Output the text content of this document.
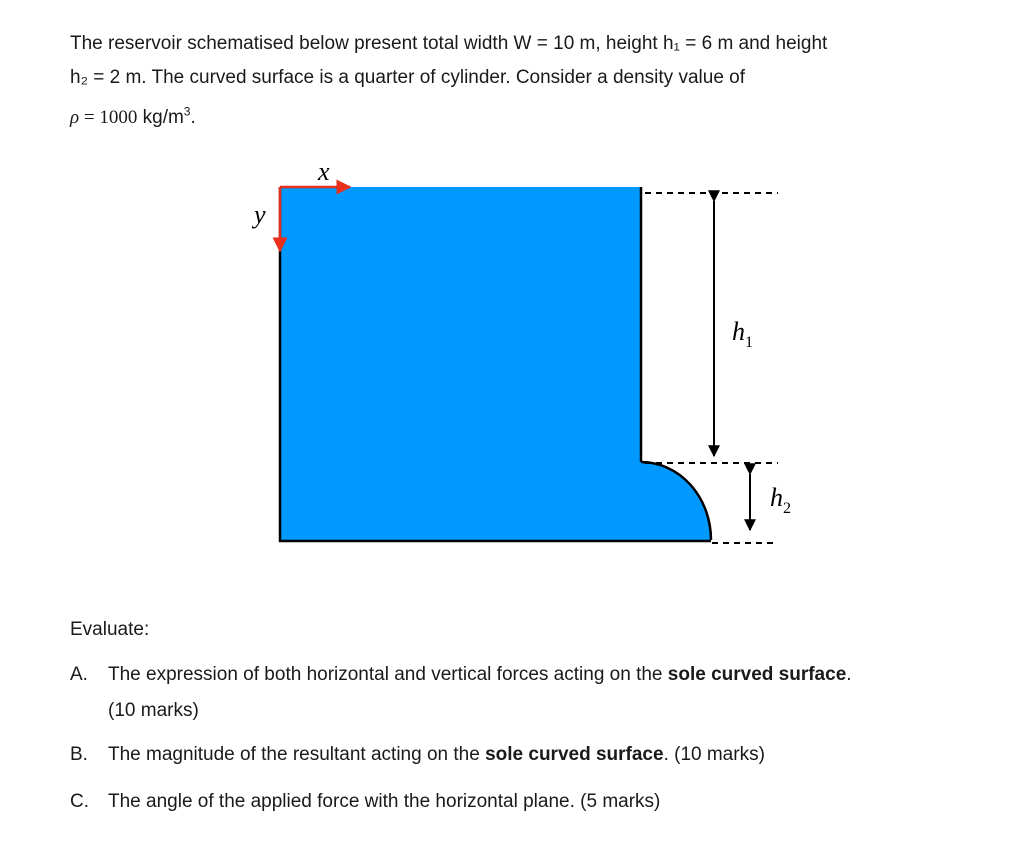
The reservoir schematised below present total width W = 10 m, height h₁ = 6 m and height
h₂ = 2 m. The curved surface is a quarter of cylinder. Consider a density value of
ρ = 1000 $kg/m^3$.
x
y
$h_1$
$h_2$
Evaluate:
A. The expression of both horizontal and vertical forces acting on the sole curved surface.
(10 marks)
B. The magnitude of the resultant acting on the sole curved surface. (10 marks)
C. The angle of the applied force with the horizontal plane. (5 marks)
